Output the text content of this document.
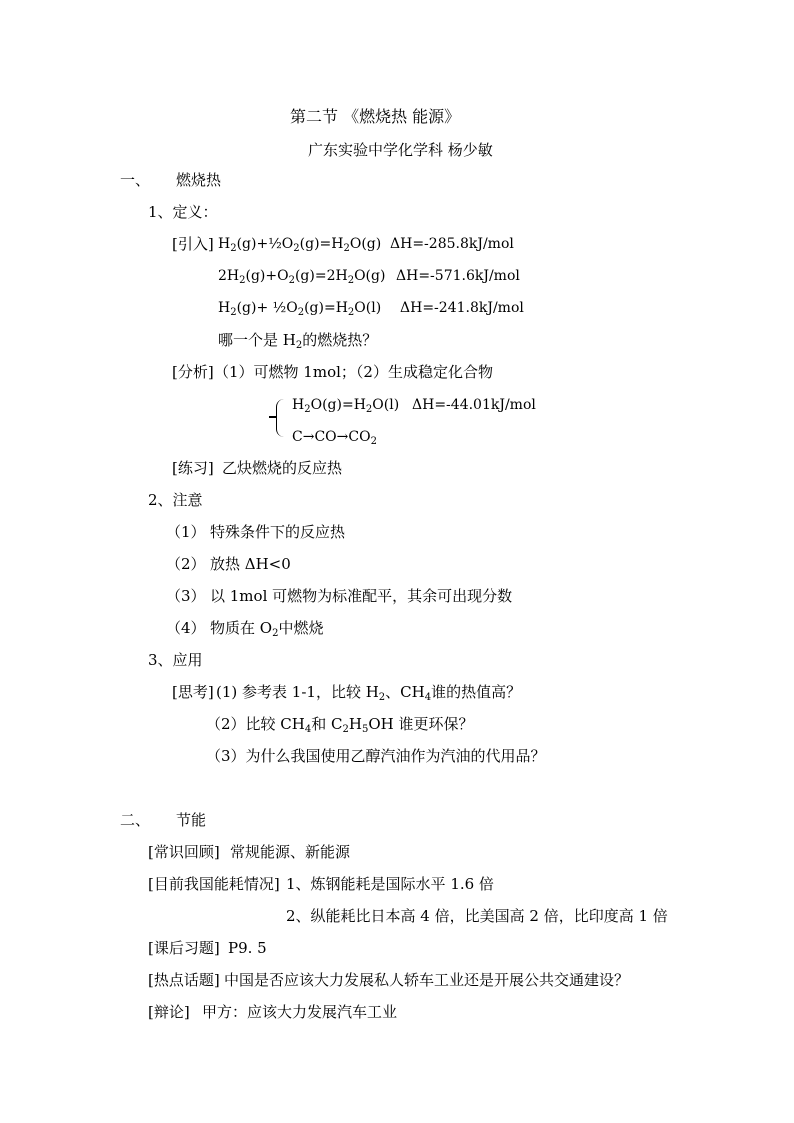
第二节 《燃烧热 能源》
广东实验中学化学科 杨少敏
一、 燃烧热
1、定义：
[引入] $H_2(g)+\frac{1}{2}O_2(g)=H_2O(g)$ ΔH=-285.8kJ/mol
$2H_2(g)+O_2(g)=2H_2O(g)$ ΔH=-571.6kJ/mol
$H_2(g)+$ $\frac{1}{2}O_2(g)=H_2O(l)$ ΔH=-241.8kJ/mol
哪一个是 $H_2$的燃烧热？
[分析] （1）可燃物 1mol；（2）生成稳定化合物
$H_2O(g)=H_2O(l)$ ΔH=-44.01kJ/mol
$C\to CO\to CO_2$
[练习] 乙炔燃烧的反应热
2、注意
（1） 特殊条件下的反应热
（2） 放热 ΔH<0
（3） 以 1mol 可燃物为标准配平，其余可出现分数
（4） 物质在 $O_2$中燃烧
3、应用
[思考] (1) 参考表 1-1，比较 $H_2$、$CH_4$谁的热值高？
（2）比较 $CH_4$和 $C_2H_5OH$ 谁更环保？
（3）为什么我国使用乙醇汽油作为汽油的代用品？
二、 节能
[常识回顾] 常规能源、新能源
[目前我国能耗情况] 1、炼钢能耗是国际水平 1.6 倍
2、纵能耗比日本高 4 倍，比美国高 2 倍，比印度高 1 倍
[课后习题] P9. 5
[热点话题] 中国是否应该大力发展私人轿车工业还是开展公共交通建设？
[辩论] 甲方：应该大力发展汽车工业
